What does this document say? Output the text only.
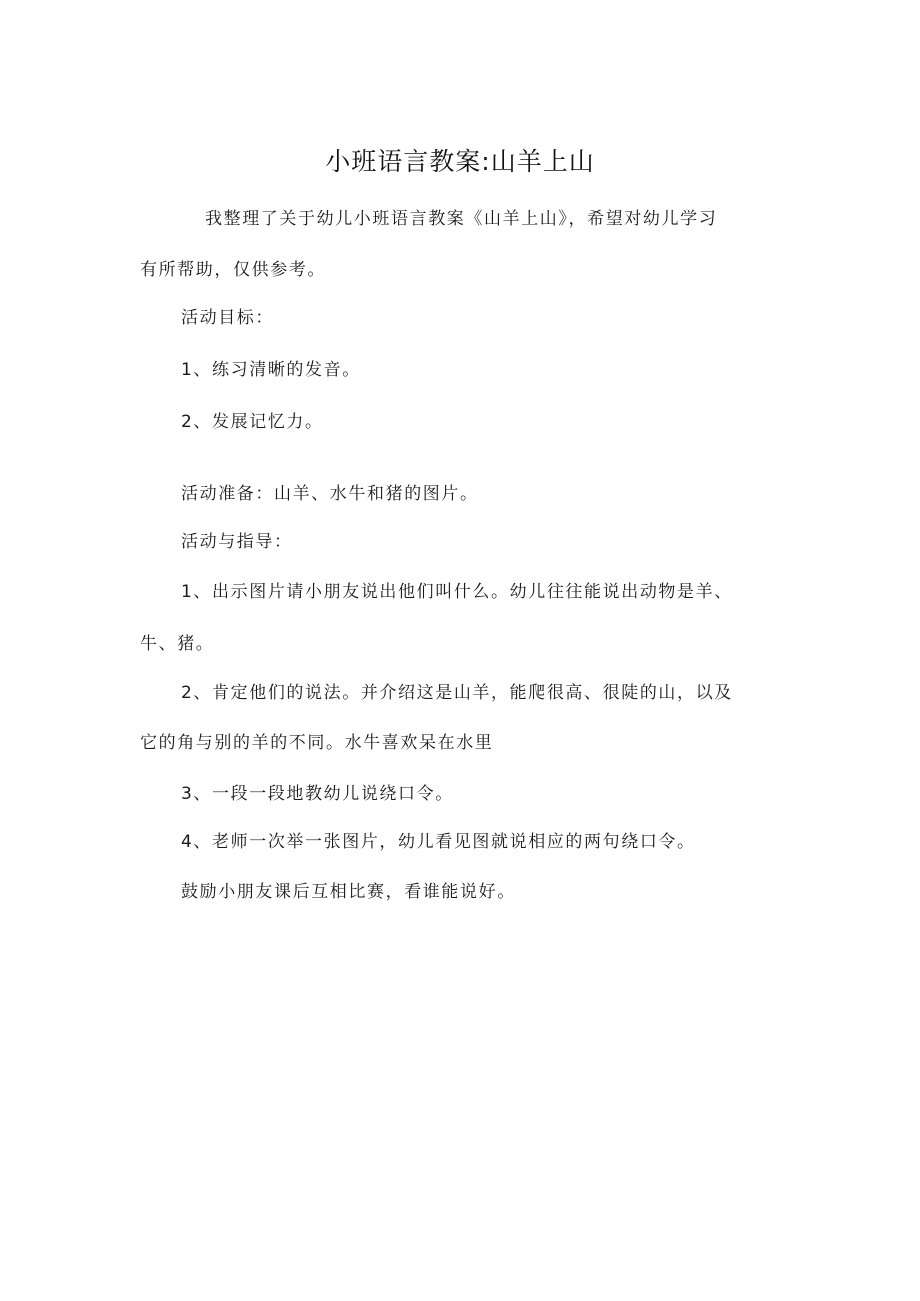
小班语言教案:山羊上山

我整理了关于幼儿小班语言教案《山羊上山》，希望对幼儿学习

有所帮助，仅供参考。

活动目标：

1、练习清晰的发音。

2、发展记忆力。

活动准备：山羊、水牛和猪的图片。

活动与指导：

1、出示图片请小朋友说出他们叫什么。幼儿往往能说出动物是羊、

牛、猪。

2、肯定他们的说法。并介绍这是山羊，能爬很高、很陡的山，以及

它的角与别的羊的不同。水牛喜欢呆在水里

3、一段一段地教幼儿说绕口令。

4、老师一次举一张图片，幼儿看见图就说相应的两句绕口令。

鼓励小朋友课后互相比赛，看谁能说好。
